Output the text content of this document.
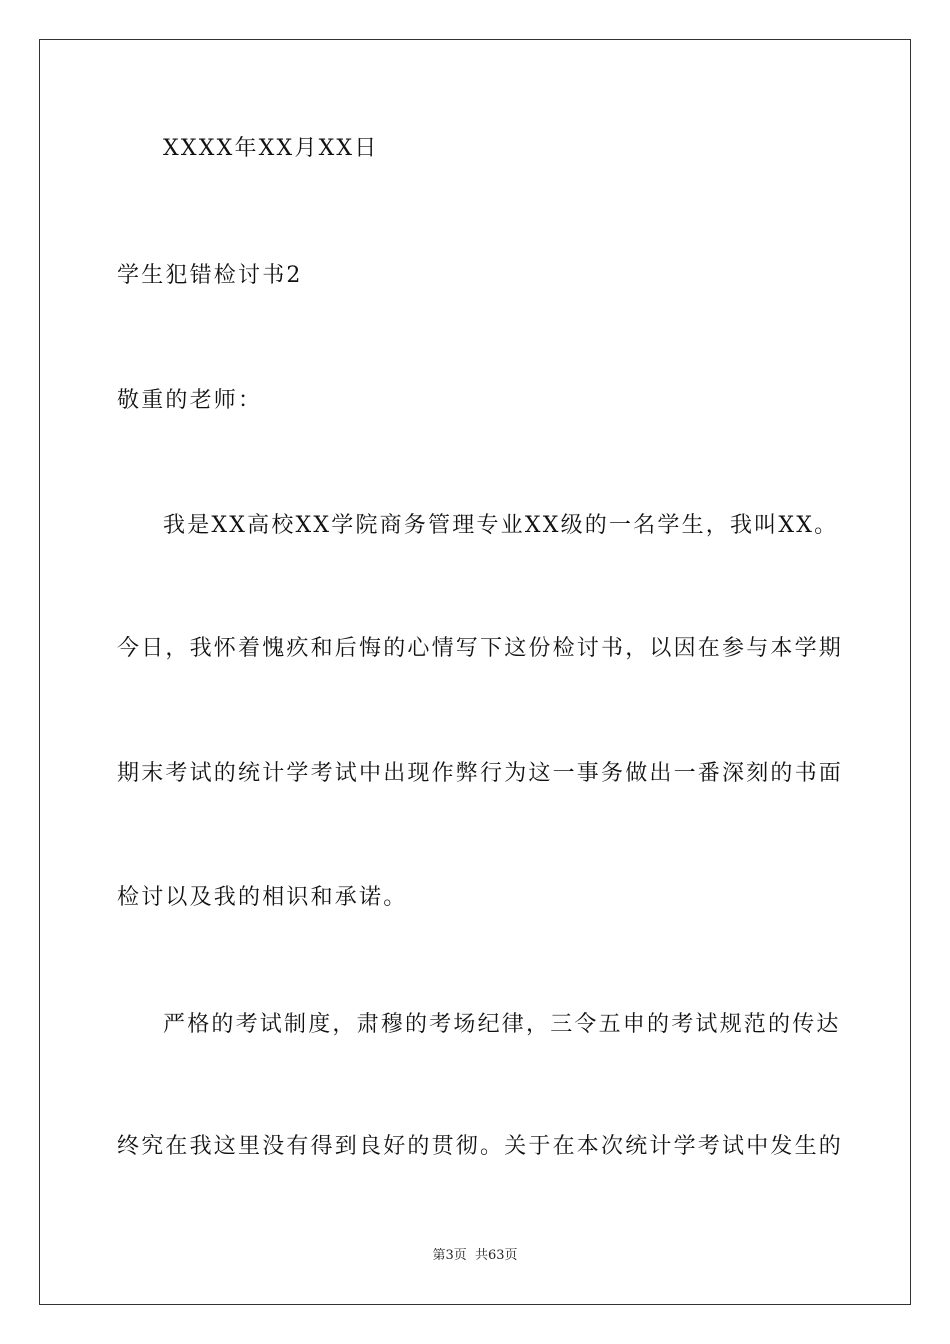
XXXX年XX月XX日
学生犯错检讨书2
敬重的老师：
我是XX高校XX学院商务管理专业XX级的一名学生，我叫XX。
今日，我怀着愧疚和后悔的心情写下这份检讨书，以因在参与本学期
期末考试的统计学考试中出现作弊行为这一事务做出一番深刻的书面
检讨以及我的相识和承诺。
严格的考试制度，肃穆的考场纪律，三令五申的考试规范的传达
终究在我这里没有得到良好的贯彻。关于在本次统计学考试中发生的
第3页  共63页
